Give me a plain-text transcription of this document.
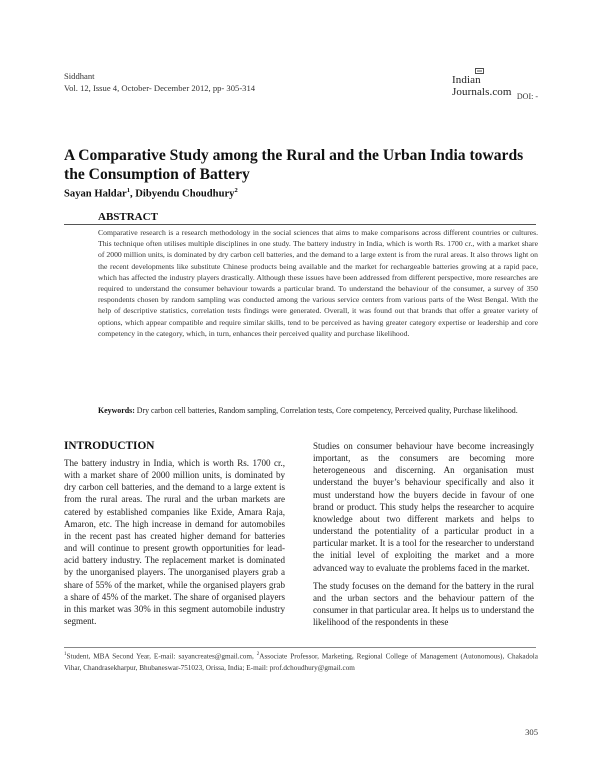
Siddhant
Vol. 12, Issue 4, October- December 2012, pp- 305-314
Indian Journals.com DOI: -
A Comparative Study among the Rural and the Urban India towards the Consumption of Battery
Sayan Haldar$^1$, Dibyendu Choudhury$^2$
ABSTRACT
Comparative research is a research methodology in the social sciences that aims to make comparisons across different countries or cultures. This technique often utilises multiple disciplines in one study. The battery industry in India, which is worth Rs. 1700 cr., with a market share of 2000 million units, is dominated by dry carbon cell batteries, and the demand to a large extent is from the rural areas. It also throws light on the recent developments like substitute Chinese products being available and the market for rechargeable batteries growing at a rapid pace, which has affected the industry players drastically. Although these issues have been addressed from different perspective, more researches are required to understand the consumer behaviour towards a particular brand. To understand the behaviour of the consumer, a survey of 350 respondents chosen by random sampling was conducted among the various service centers from various parts of the West Bengal. With the help of descriptive statistics, correlation tests findings were generated. Overall, it was found out that brands that offer a greater variety of options, which appear compatible and require similar skills, tend to be perceived as having greater category expertise or leadership and core competency in the category, which, in turn, enhances their perceived quality and purchase likelihood.
Keywords: Dry carbon cell batteries, Random sampling, Correlation tests, Core competency, Perceived quality, Purchase likelihood.
INTRODUCTION

The battery industry in India, which is worth Rs. 1700 cr., with a market share of 2000 million units, is dominated by dry carbon cell batteries, and the demand to a large extent is from the rural areas. The rural and the urban markets are catered by established companies like Exide, Amara Raja, Amaron, etc. The high increase in demand for automobiles in the recent past has created higher demand for batteries and will continue to present growth opportunities for lead-acid battery industry. The replacement market is dominated by the unorganised players. The unorganised players grab a share of 55% of the market, while the organised players grab a share of 45% of the market. The share of organised players in this market was 30% in this segment automobile industry segment.

Studies on consumer behaviour have become increasingly important, as the consumers are becoming more heterogeneous and discerning. An organisation must understand the buyer’s behaviour specifically and also it must understand how the buyers decide in favour of one brand or product. This study helps the researcher to acquire knowledge about two different markets and helps to understand the potentiality of a particular product in a particular market. It is a tool for the researcher to understand the initial level of exploiting the market and a more advanced way to evaluate the problems faced in the market.

The study focuses on the demand for the battery in the rural and the urban sectors and the behaviour pattern of the consumer in that particular area. It helps us to understand the likelihood of the respondents in these

$^1$Student, MBA Second Year, E-mail: sayancreates@gmail.com, $^2$Associate Professor, Marketing, Regional College of Management (Autonomous), Chakadola Vihar, Chandrasekharpur, Bhubaneswar-751023, Orissa, India; E-mail: prof.dchoudhury@gmail.com
305
